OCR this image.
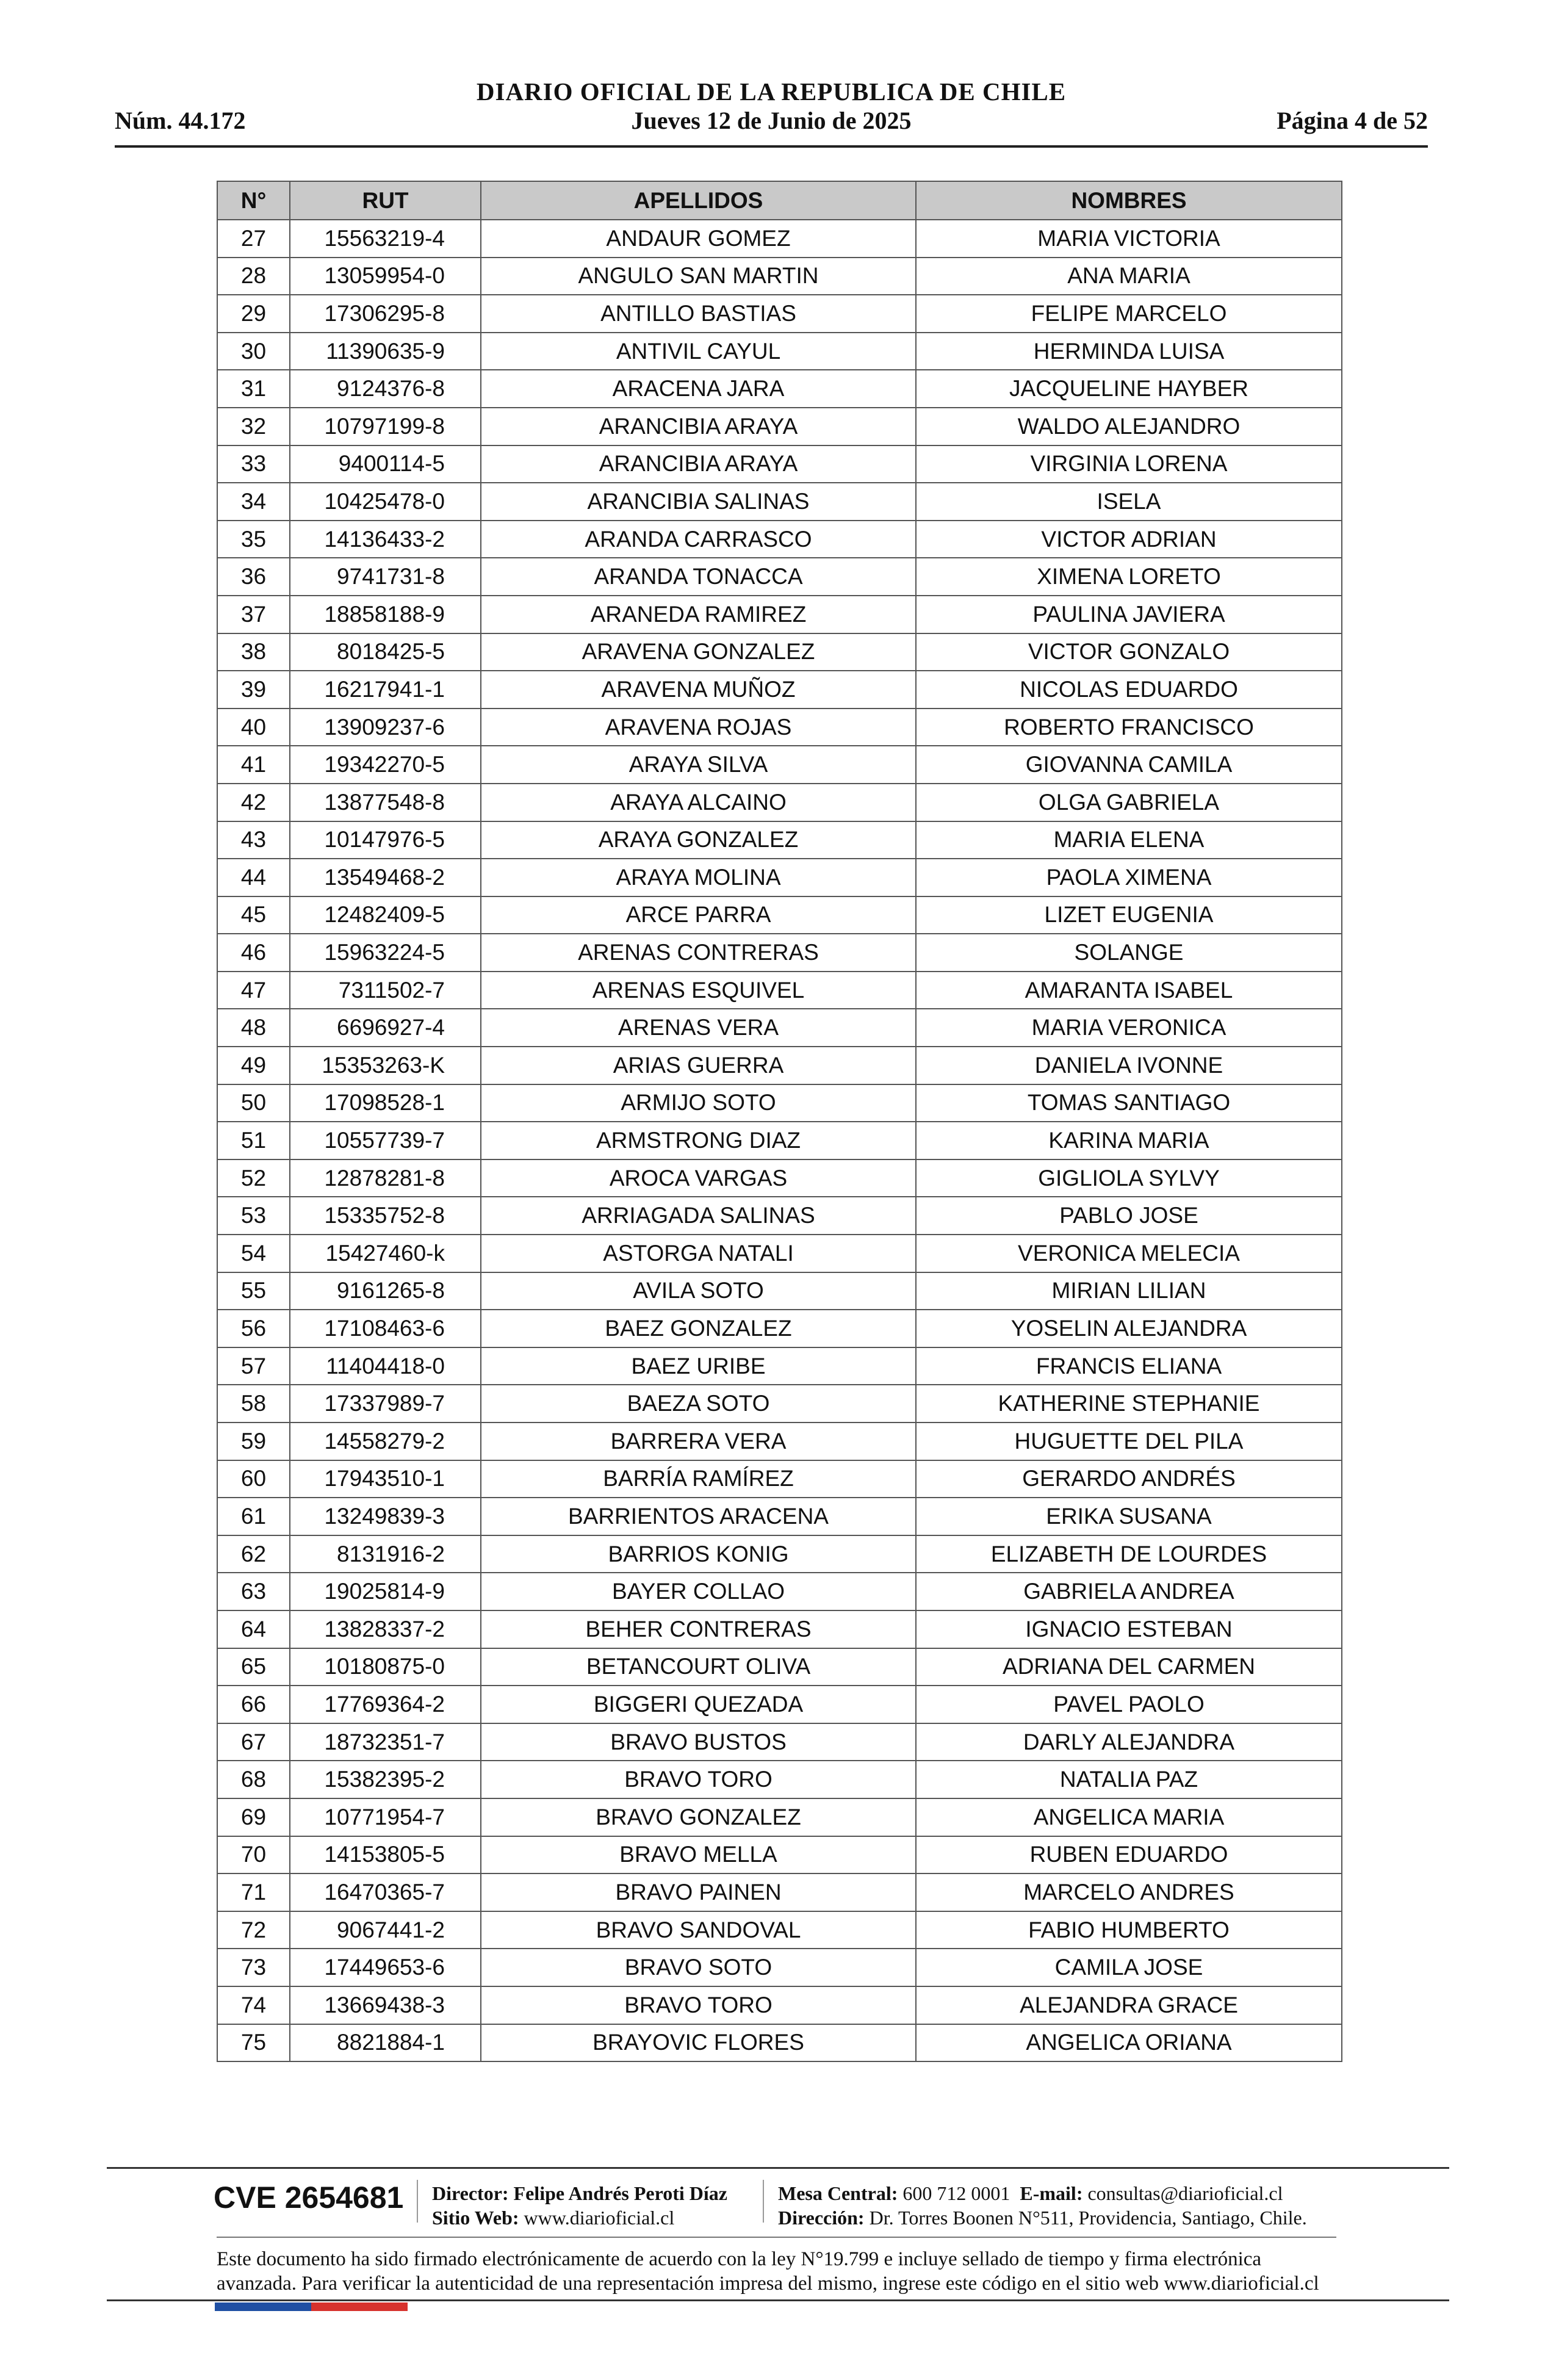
DIARIO OFICIAL DE LA REPUBLICA DE CHILE
Núm. 44.172	Jueves 12 de Junio de 2025	Página 4 de 52
N°	RUT	APELLIDOS	NOMBRES
27	15563219-4	ANDAUR GOMEZ	MARIA VICTORIA
28	13059954-0	ANGULO SAN MARTIN	ANA MARIA
29	17306295-8	ANTILLO BASTIAS	FELIPE MARCELO
30	11390635-9	ANTIVIL CAYUL	HERMINDA LUISA
31	9124376-8	ARACENA JARA	JACQUELINE HAYBER
32	10797199-8	ARANCIBIA ARAYA	WALDO ALEJANDRO
33	9400114-5	ARANCIBIA ARAYA	VIRGINIA LORENA
34	10425478-0	ARANCIBIA SALINAS	ISELA
35	14136433-2	ARANDA CARRASCO	VICTOR ADRIAN
36	9741731-8	ARANDA TONACCA	XIMENA LORETO
37	18858188-9	ARANEDA RAMIREZ	PAULINA JAVIERA
38	8018425-5	ARAVENA GONZALEZ	VICTOR GONZALO
39	16217941-1	ARAVENA MUÑOZ	NICOLAS EDUARDO
40	13909237-6	ARAVENA ROJAS	ROBERTO FRANCISCO
41	19342270-5	ARAYA SILVA	GIOVANNA CAMILA
42	13877548-8	ARAYA ALCAINO	OLGA GABRIELA
43	10147976-5	ARAYA GONZALEZ	MARIA ELENA
44	13549468-2	ARAYA MOLINA	PAOLA XIMENA
45	12482409-5	ARCE PARRA	LIZET EUGENIA
46	15963224-5	ARENAS CONTRERAS	SOLANGE
47	7311502-7	ARENAS ESQUIVEL	AMARANTA ISABEL
48	6696927-4	ARENAS VERA	MARIA VERONICA
49	15353263-K	ARIAS GUERRA	DANIELA IVONNE
50	17098528-1	ARMIJO SOTO	TOMAS SANTIAGO
51	10557739-7	ARMSTRONG DIAZ	KARINA MARIA
52	12878281-8	AROCA VARGAS	GIGLIOLA SYLVY
53	15335752-8	ARRIAGADA SALINAS	PABLO JOSE
54	15427460-k	ASTORGA NATALI	VERONICA MELECIA
55	9161265-8	AVILA SOTO	MIRIAN LILIAN
56	17108463-6	BAEZ GONZALEZ	YOSELIN ALEJANDRA
57	11404418-0	BAEZ URIBE	FRANCIS ELIANA
58	17337989-7	BAEZA SOTO	KATHERINE STEPHANIE
59	14558279-2	BARRERA VERA	HUGUETTE DEL PILA
60	17943510-1	BARRÍA RAMÍREZ	GERARDO ANDRÉS
61	13249839-3	BARRIENTOS ARACENA	ERIKA SUSANA
62	8131916-2	BARRIOS KONIG	ELIZABETH DE LOURDES
63	19025814-9	BAYER COLLAO	GABRIELA ANDREA
64	13828337-2	BEHER CONTRERAS	IGNACIO ESTEBAN
65	10180875-0	BETANCOURT OLIVA	ADRIANA DEL CARMEN
66	17769364-2	BIGGERI QUEZADA	PAVEL PAOLO
67	18732351-7	BRAVO BUSTOS	DARLY ALEJANDRA
68	15382395-2	BRAVO TORO	NATALIA PAZ
69	10771954-7	BRAVO GONZALEZ	ANGELICA MARIA
70	14153805-5	BRAVO MELLA	RUBEN EDUARDO
71	16470365-7	BRAVO PAINEN	MARCELO ANDRES
72	9067441-2	BRAVO SANDOVAL	FABIO HUMBERTO
73	17449653-6	BRAVO SOTO	CAMILA JOSE
74	13669438-3	BRAVO TORO	ALEJANDRA GRACE
75	8821884-1	BRAYOVIC FLORES	ANGELICA ORIANA
CVE 2654681 Director: Felipe Andrés Peroti Díaz
Sitio Web: www.diarioficial.cl
Mesa Central: 600 712 0001 E-mail: consultas@diarioficial.cl
Dirección: Dr. Torres Boonen N°511, Providencia, Santiago, Chile.
Este documento ha sido firmado electrónicamente de acuerdo con la ley N°19.799 e incluye sellado de tiempo y firma electrónica
avanzada. Para verificar la autenticidad de una representación impresa del mismo, ingrese este código en el sitio web www.diarioficial.cl
